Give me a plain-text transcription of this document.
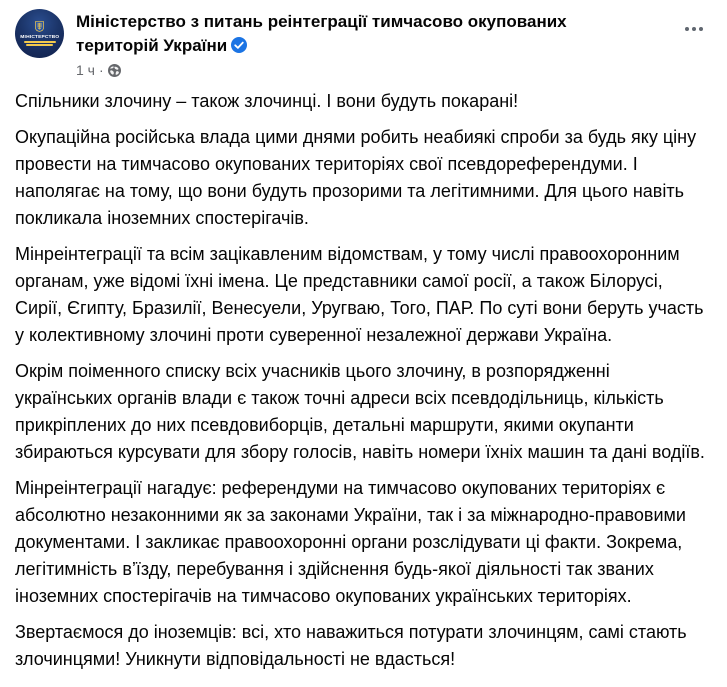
МІНІСТЕРСТВО
Міністерство з питань реінтеграції тимчасово окупованих територій України
1 ч ·

Спільники злочину – також злочинці. І вони будуть покарані!

Окупаційна російська влада цими днями робить неабиякі спроби за будь яку ціну провести на тимчасово окупованих територіях свої псевдореферендуми. І наполягає на тому, що вони будуть прозорими та легітимними. Для цього навіть покликала іноземних спостерігачів.

Мінреінтеграції та всім зацікавленим відомствам, у тому числі правоохоронним органам, уже відомі їхні імена. Це представники самої росії, а також Білорусі, Сирії, Єгипту, Бразилії, Венесуели, Уругваю, Того, ПАР. По суті вони беруть участь у колективному злочині проти суверенної незалежної держави Україна.

Окрім поіменного списку всіх учасників цього злочину, в розпорядженні українських органів влади є також точні адреси всіх псевдодільниць, кількість прикріплених до них псевдовиборців, детальні маршрути, якими окупанти збираються курсувати для збору голосів, навіть номери їхніх машин та дані водіїв.

Мінреінтеграції нагадує: референдуми на тимчасово окупованих територіях є абсолютно незаконними як за законами України, так і за міжнародно-правовими документами. І закликає правоохоронні органи розслідувати ці факти. Зокрема, легітимність в’їзду, перебування і здійснення будь-якої діяльності так званих іноземних спостерігачів на тимчасово окупованих українських територіях.

Звертаємося до іноземців: всі, хто наважиться потурати злочинцям, самі стають злочинцями! Уникнути відповідальності не вдасться!
